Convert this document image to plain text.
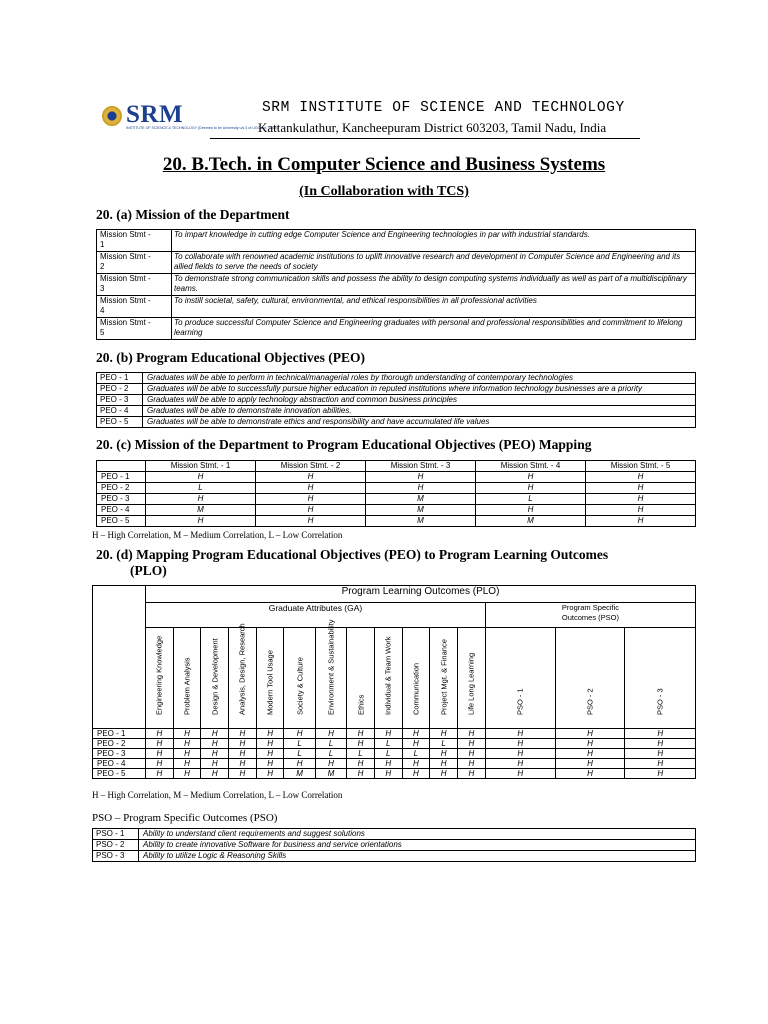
SRM
INSTITUTE OF SCIENCE & TECHNOLOGY (Deemed to be University u/s 3 of UGC Act, 1956)
SRM INSTITUTE OF SCIENCE AND TECHNOLOGY
Kattankulathur, Kancheepuram District 603203, Tamil Nadu, India
20. B.Tech. in Computer Science and Business Systems
(In Collaboration with TCS)
20. (a) Mission of the Department
Mission Stmt -
1	To impart knowledge in cutting edge Computer Science and Engineering technologies in par with industrial standards.
Mission Stmt -
2	To collaborate with renowned academic institutions to uplift innovative research and development in Computer Science and Engineering and its allied fields to serve the needs of society
Mission Stmt -
3	To demonstrate strong communication skills and possess the ability to design computing systems individually as well as part of a multidisciplinary teams.
Mission Stmt -
4	To instill societal, safety, cultural, environmental, and ethical responsibilities in all professional activities
Mission Stmt -
5	To produce successful Computer Science and Engineering graduates with personal and professional responsibilities and commitment to lifelong learning
20. (b) Program Educational Objectives (PEO)
PEO - 1	Graduates will be able to perform in technical/managerial roles by thorough understanding of contemporary technologies
PEO - 2	Graduates will be able to successfully pursue higher education in reputed institutions where information technology businesses are a priority
PEO - 3	Graduates will be able to apply technology abstraction and common business principles
PEO - 4	Graduates will be able to demonstrate innovation abilities.
PEO - 5	Graduates will be able to demonstrate ethics and responsibility and have accumulated life values
20. (c) Mission of the Department to Program Educational Objectives (PEO) Mapping
	Mission Stmt. - 1	Mission Stmt. - 2	Mission Stmt. - 3	Mission Stmt. - 4	Mission Stmt. - 5
PEO - 1	H	H	H	H	H
PEO - 2	L	H	H	H	H
PEO - 3	H	H	M	L	H
PEO - 4	M	H	M	H	H
PEO - 5	H	H	M	M	H
H – High Correlation, M – Medium Correlation, L – Low Correlation
20. (d) Mapping Program Educational Objectives (PEO) to Program Learning Outcomes
(PLO)
	Program Learning Outcomes (PLO)														
	Graduate Attributes (GA)												Program Specific
Outcomes (PSO)		

	Engineering Knowledge	Problem Analysis	Design & Development	Analysis, Design, Research	Modern Tool Usage	Society & Culture	Environment & Sustainability	Ethics	Individual & Team Work	Communication	Project Mgt. & Finance	Life Long Learning	PSO - 1	PSO - 2	PSO - 3

PEO - 1	H	H	H	H	H	H	H	H	H	H	H	H	H	H	H
PEO - 2	H	H	H	H	H	L	L	H	L	H	L	H	H	H	H
PEO - 3	H	H	H	H	H	L	L	L	L	L	H	H	H	H	H
PEO - 4	H	H	H	H	H	H	H	H	H	H	H	H	H	H	H
PEO - 5	H	H	H	H	H	M	M	H	H	H	H	H	H	H	H
H – High Correlation, M – Medium Correlation, L – Low Correlation
PSO – Program Specific Outcomes (PSO)
PSO - 1	Ability to understand client requirements and suggest solutions
PSO - 2	Ability to create innovative Software for business and service orientations
PSO - 3	Ability to utilize Logic & Reasoning Skills
